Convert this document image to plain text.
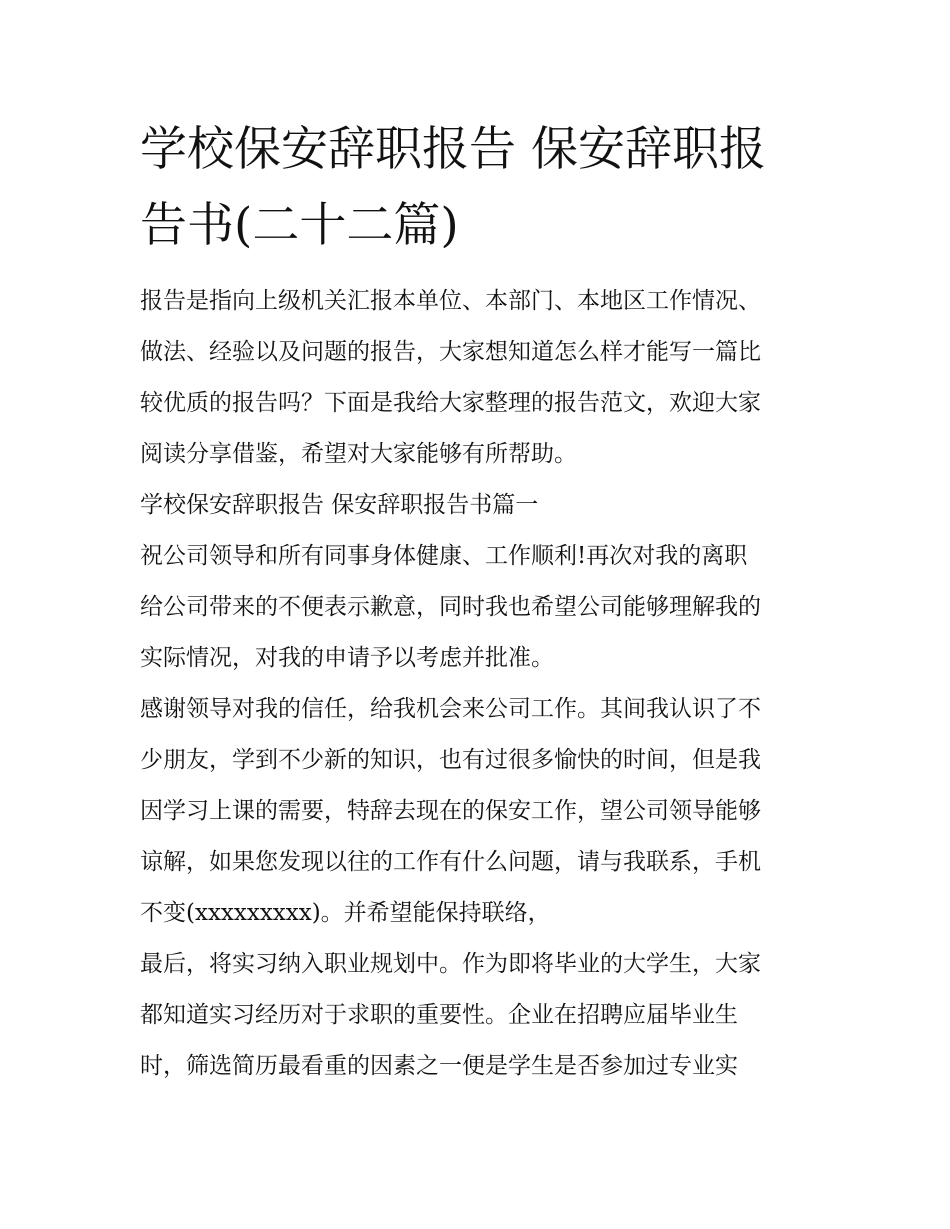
学校保安辞职报告 保安辞职报
告书(二十二篇)

报告是指向上级机关汇报本单位、本部门、本地区工作情况、
做法、经验以及问题的报告，大家想知道怎么样才能写一篇比
较优质的报告吗？下面是我给大家整理的报告范文，欢迎大家
阅读分享借鉴，希望对大家能够有所帮助。

学校保安辞职报告 保安辞职报告书篇一

祝公司领导和所有同事身体健康、工作顺利!再次对我的离职
给公司带来的不便表示歉意，同时我也希望公司能够理解我的
实际情况，对我的申请予以考虑并批准。

感谢领导对我的信任，给我机会来公司工作。其间我认识了不
少朋友，学到不少新的知识，也有过很多愉快的时间，但是我
因学习上课的需要，特辞去现在的保安工作，望公司领导能够
谅解，如果您发现以往的工作有什么问题，请与我联系，手机
不变(xxxxxxxxx)。并希望能保持联络，

最后，将实习纳入职业规划中。作为即将毕业的大学生，大家
都知道实习经历对于求职的重要性。企业在招聘应届毕业生
时，筛选简历最看重的因素之一便是学生是否参加过专业实
